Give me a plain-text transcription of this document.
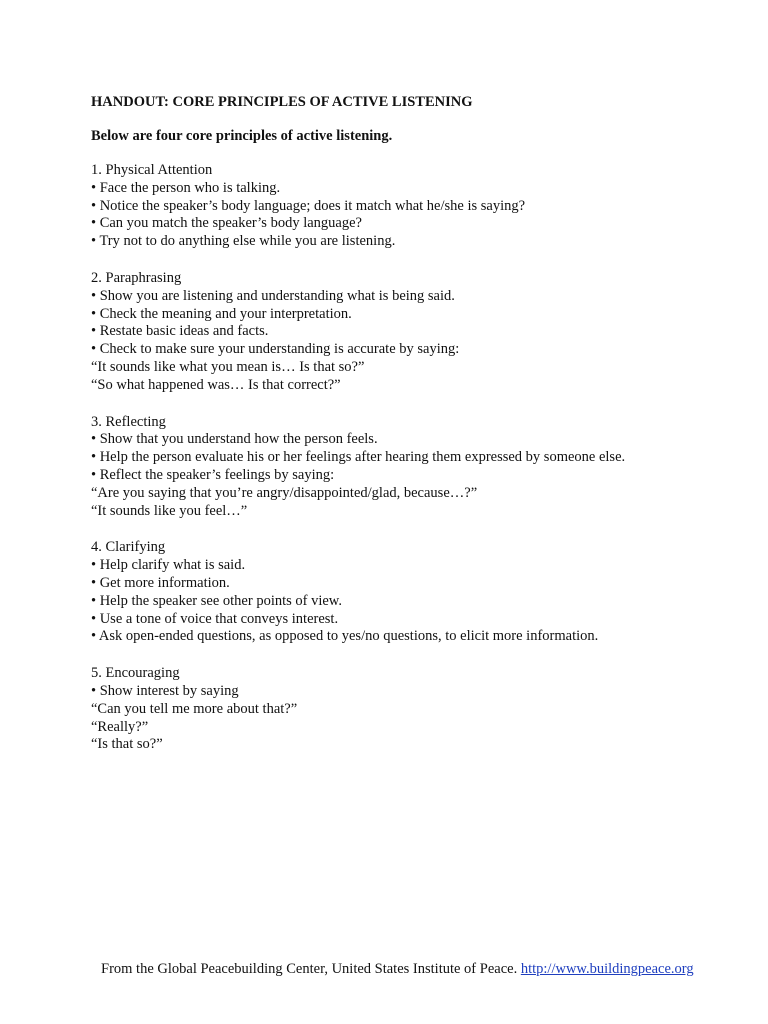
HANDOUT: CORE PRINCIPLES OF ACTIVE LISTENING
Below are four core principles of active listening.
1. Physical Attention
• Face the person who is talking.
• Notice the speaker’s body language; does it match what he/she is saying?
• Can you match the speaker’s body language?
• Try not to do anything else while you are listening.
2. Paraphrasing
• Show you are listening and understanding what is being said.
• Check the meaning and your interpretation.
• Restate basic ideas and facts.
• Check to make sure your understanding is accurate by saying:
“It sounds like what you mean is… Is that so?”
“So what happened was… Is that correct?”
3. Reflecting
• Show that you understand how the person feels.
• Help the person evaluate his or her feelings after hearing them expressed by someone else.
• Reflect the speaker’s feelings by saying:
“Are you saying that you’re angry/disappointed/glad, because…?”
“It sounds like you feel…”
4. Clarifying
• Help clarify what is said.
• Get more information.
• Help the speaker see other points of view.
• Use a tone of voice that conveys interest.
• Ask open-ended questions, as opposed to yes/no questions, to elicit more information.
5. Encouraging
• Show interest by saying
“Can you tell me more about that?”
“Really?”
“Is that so?”
From the Global Peacebuilding Center, United States Institute of Peace. http://www.buildingpeace.org
